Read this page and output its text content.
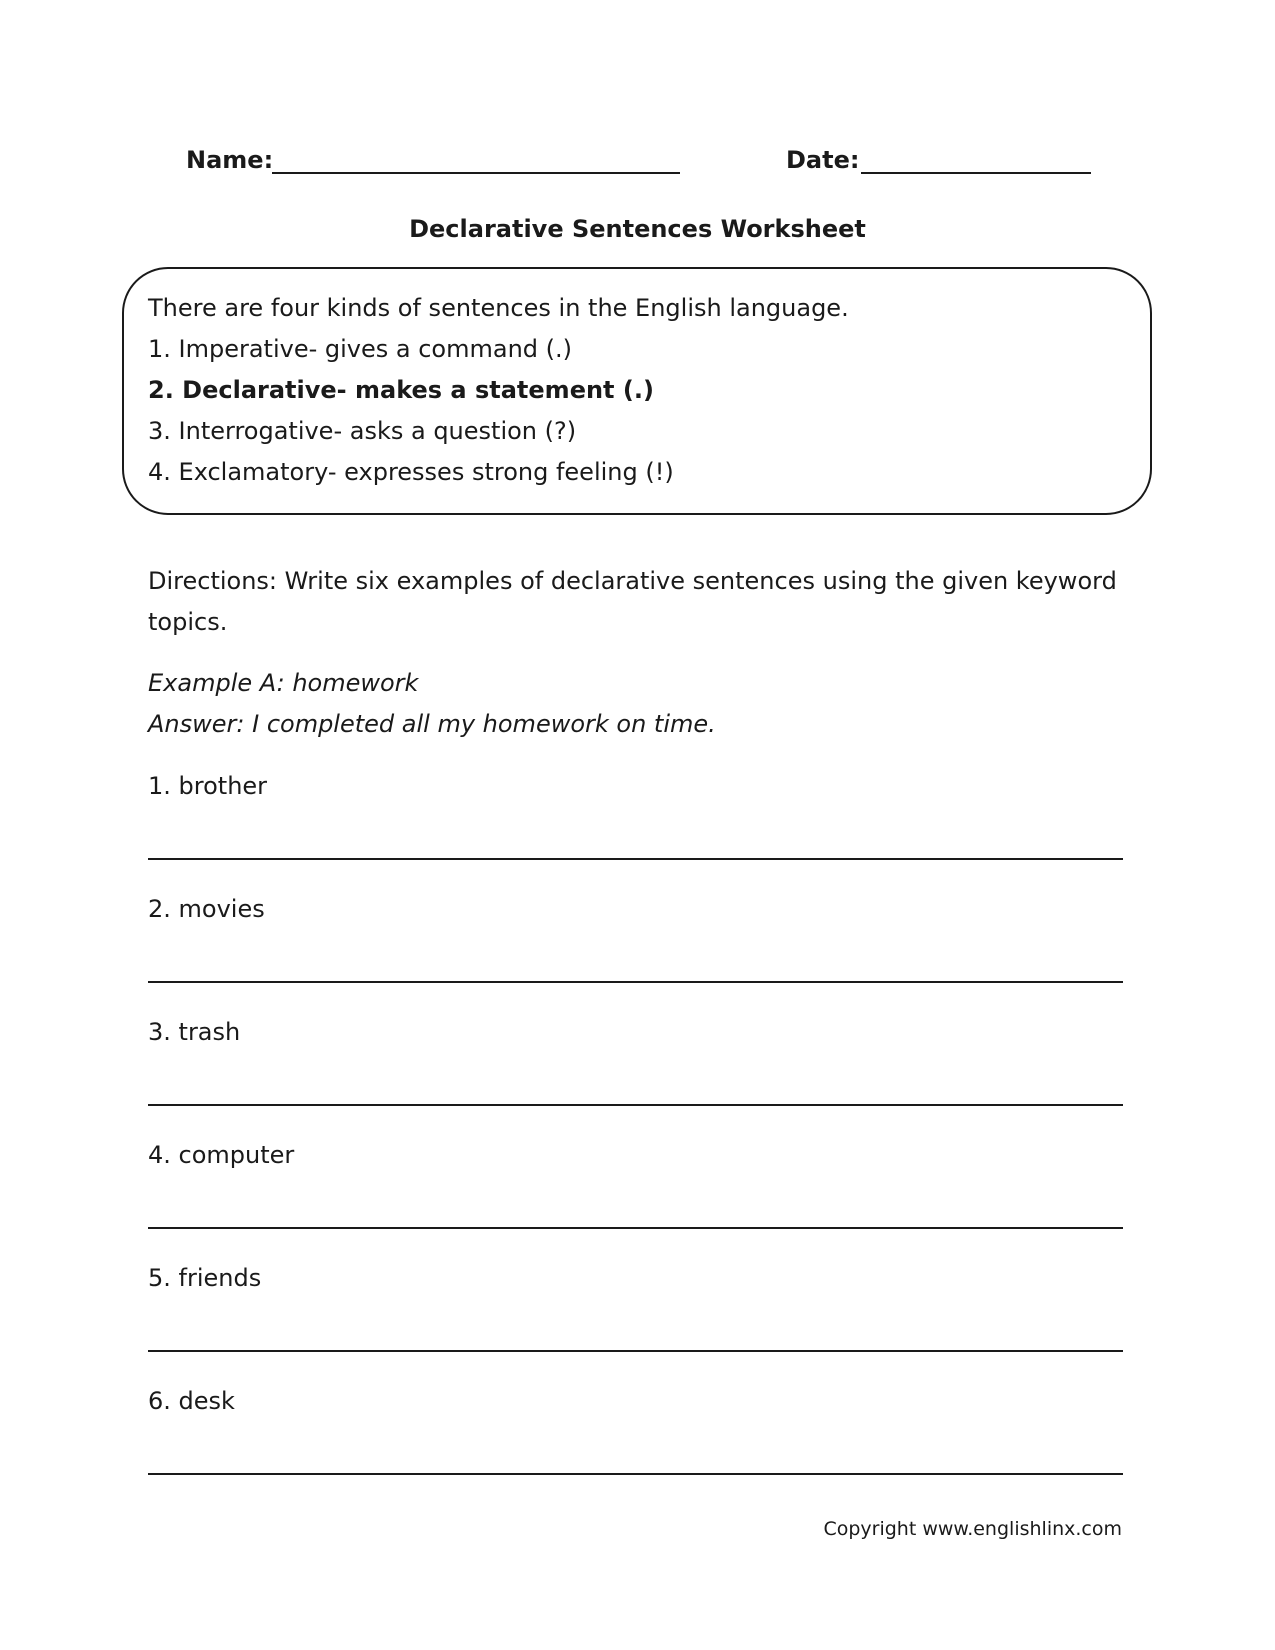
Name:	Date:
Declarative Sentences Worksheet
There are four kinds of sentences in the English language.
1. Imperative- gives a command (.)
2. Declarative- makes a statement (.)
3. Interrogative- asks a question (?)
4. Exclamatory- expresses strong feeling (!)
Directions: Write six examples of declarative sentences using the given keyword
topics.
Example A: homework
Answer: I completed all my homework on time.
1. brother
2. movies
3. trash
4. computer
5. friends
6. desk
Copyright www.englishlinx.com
